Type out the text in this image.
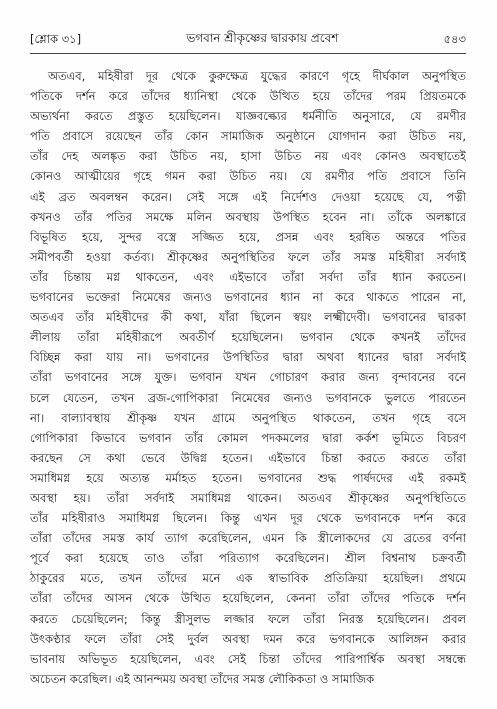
[শ্লোক ৩১]	ভগবান শ্রীকৃষ্ণের দ্বারকায় প্রবেশ	৫৪৩
অতএব, মহিষীরা দূর থেকে কুরুক্ষেত্র যুদ্ধের কারণে গৃহে দীর্ঘকাল অনুপস্থিত
পতিকে দর্শন করে তাঁদের ধ্যানিস্থা থেকে উত্থিত হয়ে তাঁদের পরম প্রিয়তমকে
অভ্যর্থনা করতে প্রস্তুত হয়েছিলেন। যাজ্ঞবল্ক্যের ধর্মনীতি অনুসারে, যে রমণীর
পতি প্রবাসে রয়েছেন তাঁর কোন সামাজিক অনুষ্ঠানে যোগদান করা উচিত নয়,
তাঁর দেহ অলঙ্কৃত করা উচিত নয়, হাসা উচিত নয় এবং কোনও অবস্থাতেই
কোনও আত্মীয়ের গৃহে গমন করা উচিত নয়। যে রমণীর পতি প্রবাসে তিনি
এই ব্রত অবলম্বন করেন। সেই সঙ্গে এই নির্দেশও দেওয়া হয়েছে যে, পত্নী
কখনও তাঁর পতির সমক্ষে মলিন অবস্থায় উপস্থিত হবেন না। তাঁকে অলঙ্কারে
বিভূষিত হয়ে, সুন্দর বস্ত্রে সজ্জিত হয়ে, প্রসন্ন এবং হরষিত অন্তরে পতির
সমীপবর্তী হওয়া কর্তব্য। শ্রীকৃষ্ণের অনুপস্থিতির ফলে তাঁর সমস্ত মহিষীরা সর্বদাই
তাঁর চিন্তায় মগ্ন থাকতেন, এবং এইভাবে তাঁরা সর্বদা তাঁর ধ্যান করতেন।
ভগবানের ভক্তেরা নিমেষের জন্যও ভগবানের ধ্যান না করে থাকতে পারেন না,
অতএব তাঁর মহিষীদের কী কথা, যাঁরা ছিলেন স্বয়ং লক্ষ্মীদেবী। ভগবানের দ্বারকা
লীলায় তাঁরা মহিষীরূপে অবতীর্ণ হয়েছিলেন। ভগবান থেকে কখনই তাঁদের
বিচ্ছিন্ন করা যায় না। ভগবানের উপস্থিতির দ্বারা অথবা ধ্যানের দ্বারা সর্বদাই
তাঁরা ভগবানের সঙ্গে যুক্ত। ভগবান যখন গোচারণ করার জন্য বৃন্দাবনের বনে
চলে যেতেন, তখন ব্রজ-গোপিকারা নিমেষের জন্যও ভগবানকে ভুলতে পারতেন
না। বাল্যাবস্থায় শ্রীকৃষ্ণ যখন গ্রামে অনুপস্থিত থাকতেন, তখন গৃহে বসে
গোপিকারা কিভাবে ভগবান তাঁর কোমল পদকমলের দ্বারা কর্কশ ভূমিতে বিচরণ
করছেন সে কথা ভেবে উদ্বিগ্ন হতেন। এইভাবে চিন্তা করতে করতে তাঁরা
সমাধিমগ্ন হয়ে অত্যন্ত মর্মাহত হতেন। ভগবানের শুদ্ধ পার্ষদদের এই রকমই
অবস্থা হয়। তাঁরা সর্বদাই সমাধিমগ্ন থাকেন। অতএব শ্রীকৃষ্ণের অনুপস্থিতিতে
তাঁর মহিষীরাও সমাধিমগ্ন ছিলেন। কিন্তু এখন দূর থেকে ভগবানকে দর্শন করে
তাঁরা তাঁদের সমস্ত কার্য ত্যাগ করেছিলেন, এমন কি স্ত্রীলোকদের যে ব্রতের বর্ণনা
পূর্বে করা হয়েছে তাও তাঁরা পরিত্যাগ করেছিলেন। শ্রীল বিশ্বনাথ চক্রবর্তী
ঠাকুরের মতে, তখন তাঁদের মনে এক স্বাভাবিক প্রতিক্রিয়া হয়েছিল। প্রথমে
তাঁরা তাঁদের আসন থেকে উত্থিত হয়েছিলেন, কেননা তাঁরা তাঁদের পতিকে দর্শন
করতে চেয়েছিলেন; কিন্তু স্ত্রীসুলভ লজ্জার ফলে তাঁরা নিরস্ত হয়েছিলেন। প্রবল
উৎকণ্ঠার ফলে তাঁরা সেই দুর্বল অবস্থা দমন করে ভগবানকে আলিঙ্গন করার
ভাবনায় অভিভূত হয়েছিলেন, এবং সেই চিন্তা তাঁদের পারিপার্শ্বিক অবস্থা সম্বন্ধে
অচেতন করেছিল। এই আনন্দময় অবস্থা তাঁদের সমস্ত লৌকিকতা ও সামাজিক
